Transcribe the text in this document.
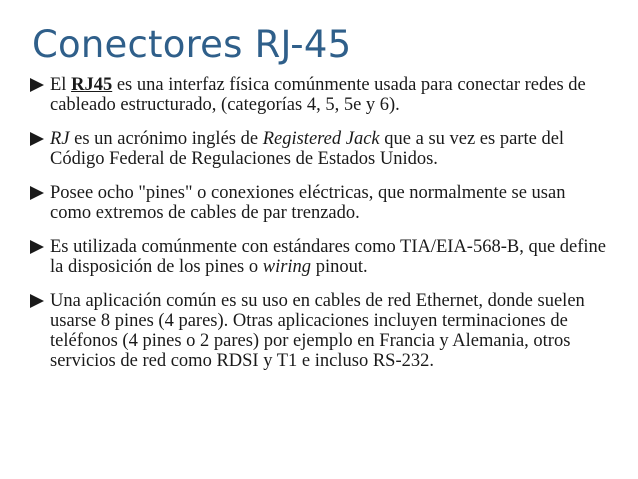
Conectores RJ-45
El RJ45 es una interfaz física comúnmente usada para conectar redes de cableado estructurado, (categorías 4, 5, 5e y 6).
RJ es un acrónimo inglés de Registered Jack que a su vez es parte del Código Federal de Regulaciones de Estados Unidos.
Posee ocho "pines" o conexiones eléctricas, que normalmente se usan como extremos de cables de par trenzado.
Es utilizada comúnmente con estándares como TIA/EIA-568-B, que define la disposición de los pines o wiring pinout.
Una aplicación común es su uso en cables de red Ethernet, donde suelen usarse 8 pines (4 pares). Otras aplicaciones incluyen terminaciones de teléfonos (4 pines o 2 pares) por ejemplo en Francia y Alemania, otros servicios de red como RDSI y T1 e incluso RS-232.
